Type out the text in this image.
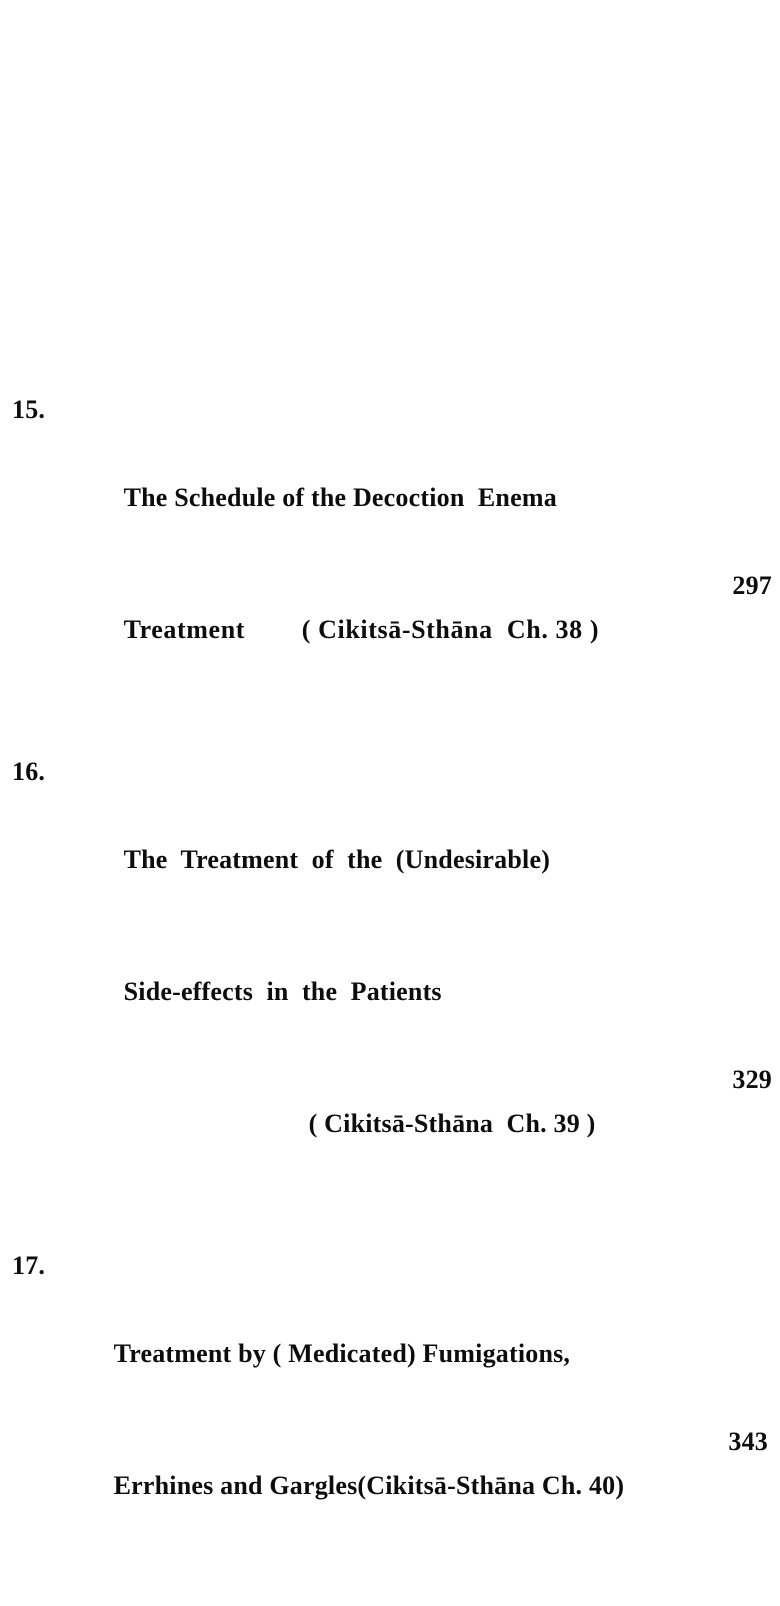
15.

The Schedule of the Decoction  Enema

Treatment        ( Cikitsā-Sthāna  Ch. 38 )

297

16.

The  Treatment  of  the  (Undesirable)

Side-effects  in  the  Patients

( Cikitsā-Sthāna  Ch. 39 )

329

17.

Treatment by ( Medicated) Fumigations,

Errhines and Gargles(Cikitsā-Sthāna Ch. 40)

343
